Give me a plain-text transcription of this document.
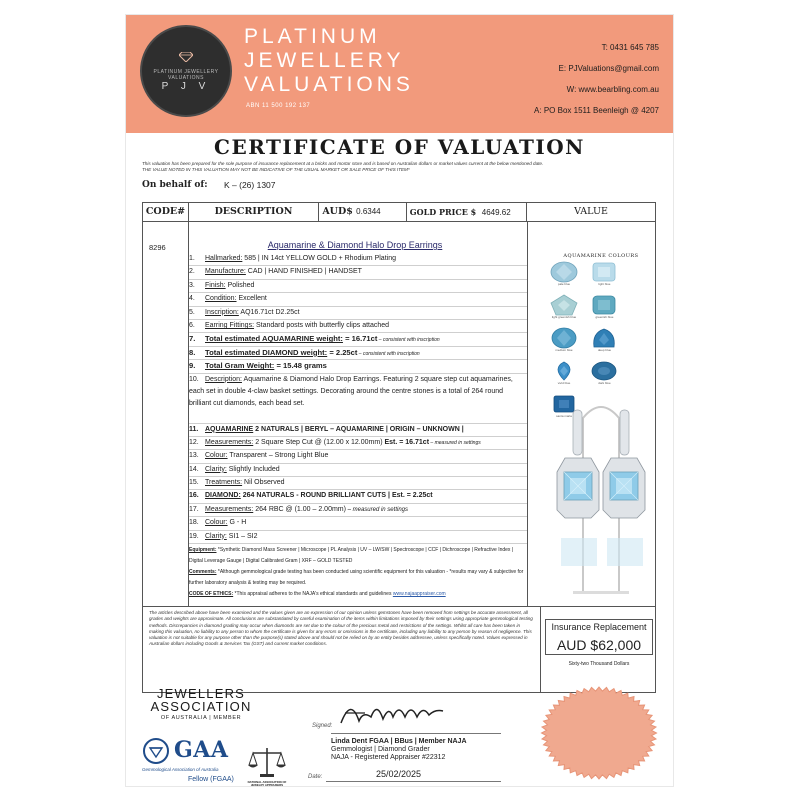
PLATINUM JEWELLERY VALUATIONS
P J V
PLATINUM
JEWELLERY
VALUATIONS
ABN 11 500 192 137
T: 0431 645 785
E: PJValuations@gmail.com
W: www.bearbling.com.au
A: PO Box 1511 Beenleigh @ 4207
CERTIFICATE OF VALUATION
This valuation has been prepared for the sole purpose of insurance replacement at a bricks and mortar store and is based on Australian dollars or market values current at the below mentioned date.
THE VALUE NOTED IN THIS VALUATION MAY NOT BE INDICATIVE OF THE USUAL MARKET OR SALE PRICE OF THIS ITEM*
On behalf of: K – (26) 1307
CODE#	DESCRIPTION	AUD$ 0.6344	GOLD PRICE $ 4649.62	VALUE
8296	Aquamarine & Diamond Halo Drop Earrings
1. Hallmarked: 585 | IN 14ct YELLOW GOLD + Rhodium Plating
2. Manufacture: CAD | HAND FINISHED | HANDSET
3. Finish: Polished
4. Condition: Excellent
5. Inscription: AQ16.71ct D2.25ct
6. Earring Fittings: Standard posts with butterfly clips attached
7. Total estimated AQUAMARINE weight: = 16.71ct – consistent with inscription
8. Total estimated DIAMOND weight: = 2.25ct – consistent with inscription
9. Total Gram Weight: = 15.48 grams
10. Description: Aquamarine & Diamond Halo Drop Earrings. Featuring 2 square step cut aquamarines, each set in double 4-claw basket settings. Decorating around the centre stones is a total of 264 round brilliant cut diamonds, each bead set.
11. AQUAMARINE 2 NATURALS | BERYL – AQUAMARINE | ORIGIN – UNKNOWN |
12. Measurements: 2 Square Step Cut @ (12.00 x 12.00mm) Est. = 16.71ct – measured in settings
13. Colour: Transparent – Strong Light Blue
14. Clarity: Slightly Included
15. Treatments: Nil Observed
16. DIAMOND: 264 NATURALS - ROUND BRILLIANT CUTS | Est. = 2.25ct
17. Measurements: 264 RBC @ (1.00 – 2.00mm) – measured in settings
18. Colour: G - H
19. Clarity: SI1 – SI2
Equipment: *Synthetic Diamond Mass Screener | Microscope | PL Analysis | UV – LW/SW | Spectroscope | CCF | Dichroscope | Refractive Index | Digital Leverage Gauge | Digital Calibrated Gram | XRF – GOLD TESTED
Comments: *Although gemmological grade testing has been conducted using scientific equipment for this valuation - *results may vary & subjective for further laboratory analysis & testing may be required.
CODE OF ETHICS: *This appraisal adheres to the NAJA's ethical standards and guidelines www.najaappraiser.com
AQUAMARINE COLOURS
pale blue
	light blue

light greenish blue
	greenish blue

medium blue
	deep blue

vivid blue
	dark blue

santa maria
The articles described above have been examined and the values given are an expression of our opinion unless gemstones have been removed from settings be accurate assessment, all grades and weights are approximate. All conclusions are substantiated by careful examination of the items within limitations imposed by their settings using appropriate gemmological testing methods. Discrepancies in diamond grading may occur when diamonds are set due to the colour of the precious metal and restrictions of the settings. Whilst all care has been taken in making this valuation, no liability to any person to whom the certificate is given for any errors or omissions in the certificate, including any liability to any person by reason of negligence. This valuation is not suitable for any purpose other than the purpose(s) stated above and should not be relied on by an entity besides addressee, unless specifically noted. Values expressed in Australian dollars including Goods & Services Tax (GST) and current market conditions.
Insurance Replacement
AUD $62,000
Sixty-two Thousand Dollars
JEWELLERS
ASSOCIATION
OF AUSTRALIA | MEMBER
GAA
Gemmological Association of Australia
Fellow (FGAA)	NATIONAL ASSOCIATION OF JEWELRY APPRAISERS
Signed:
Linda Dent FGAA | BBus | Member NAJA
Gemmologist | Diamond Grader
NAJA - Registered Appraiser #22312
Date:	25/02/2025
